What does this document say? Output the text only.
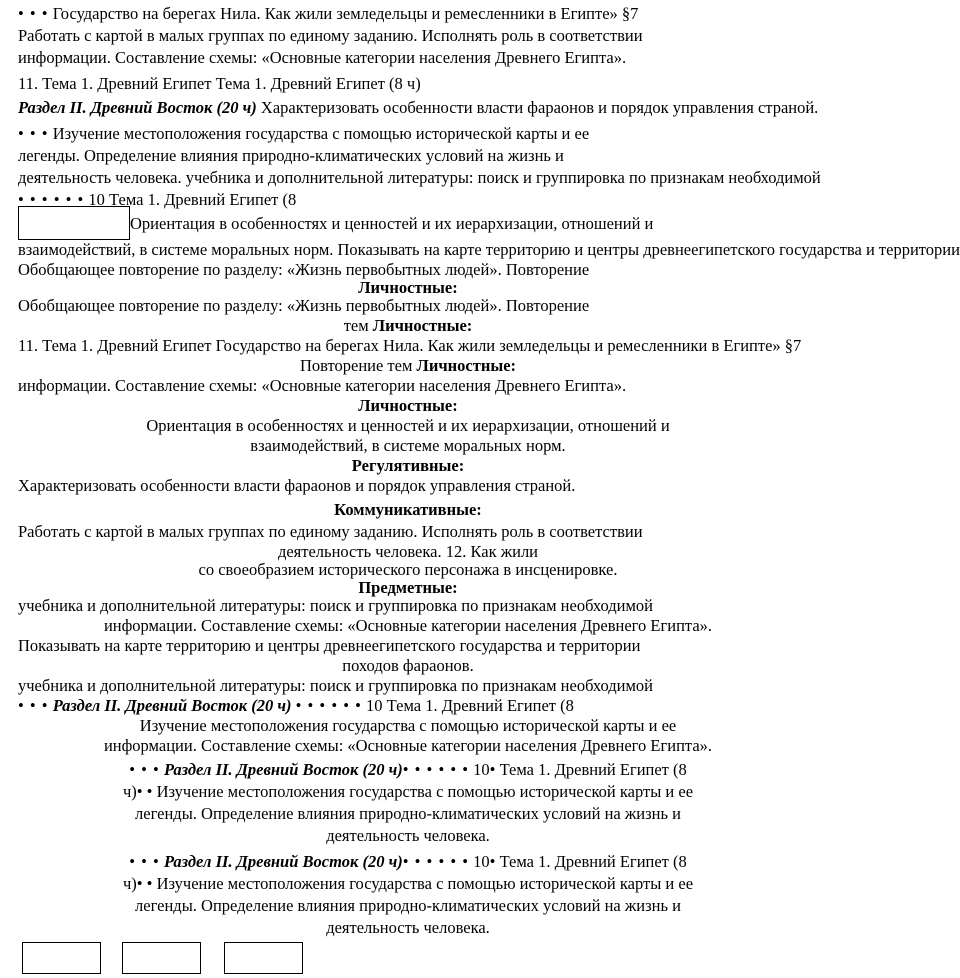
• • • Государство на берегах Нила. Как жили земледельцы и ремесленники в Египте» §7

Работать с картой в малых группах по единому заданию. Исполнять роль в соответствии

информации. Составление схемы: «Основные категории населения Древнего Египта».

11. Тема 1. Древний Египет Тема 1. Древний Египет (8 ч)

Раздел II. Древний Восток (20 ч) Характеризовать особенности власти фараонов и порядок управления страной.

• • • Изучение местоположения государства с помощью исторической карты и ее

легенды. Определение влияния природно-климатических условий на жизнь и

деятельность человека. учебника и дополнительной литературы: поиск и группировка по признакам необходимой

• • • • • • 10 Тема 1. Древний Египет (8

Ориентация в особенностях и ценностей и их иерархизации, отношений и

взаимодействий, в системе моральных норм. Показывать на карте территорию и центры древнеегипетского государства и территории

Обобщающее повторение по разделу: «Жизнь первобытных людей». Повторение

Личностные:

Обобщающее повторение по разделу: «Жизнь первобытных людей». Повторение

тем Личностные:

11. Тема 1. Древний Египет Государство на берегах Нила. Как жили земледельцы и ремесленники в Египте» §7

Повторение тем Личностные:

информации. Составление схемы: «Основные категории населения Древнего Египта».

Личностные:

Ориентация в особенностях и ценностей и их иерархизации, отношений и

взаимодействий, в системе моральных норм.

Регулятивные:

Характеризовать особенности власти фараонов и порядок управления страной.

Коммуникативные:

Работать с картой в малых группах по единому заданию. Исполнять роль в соответствии

деятельность человека. 12. Как жили

со своеобразием исторического персонажа в инсценировке.

Предметные:

учебника и дополнительной литературы: поиск и группировка по признакам необходимой

информации. Составление схемы: «Основные категории населения Древнего Египта».

Показывать на карте территорию и центры древнеегипетского государства и территории

походов фараонов.

учебника и дополнительной литературы: поиск и группировка по признакам необходимой

• • • Раздел II. Древний Восток (20 ч) • • • • • • 10 Тема 1. Древний Египет (8

Изучение местоположения государства с помощью исторической карты и ее

информации. Составление схемы: «Основные категории населения Древнего Египта».

• • • Раздел II. Древний Восток (20 ч)• • • • • • 10• Тема 1. Древний Египет (8

ч)• • Изучение местоположения государства с помощью исторической карты и ее

легенды. Определение влияния природно-климатических условий на жизнь и

деятельность человека.

• • • Раздел II. Древний Восток (20 ч)• • • • • • 10• Тема 1. Древний Египет (8

ч)• • Изучение местоположения государства с помощью исторической карты и ее

легенды. Определение влияния природно-климатических условий на жизнь и

деятельность человека.
